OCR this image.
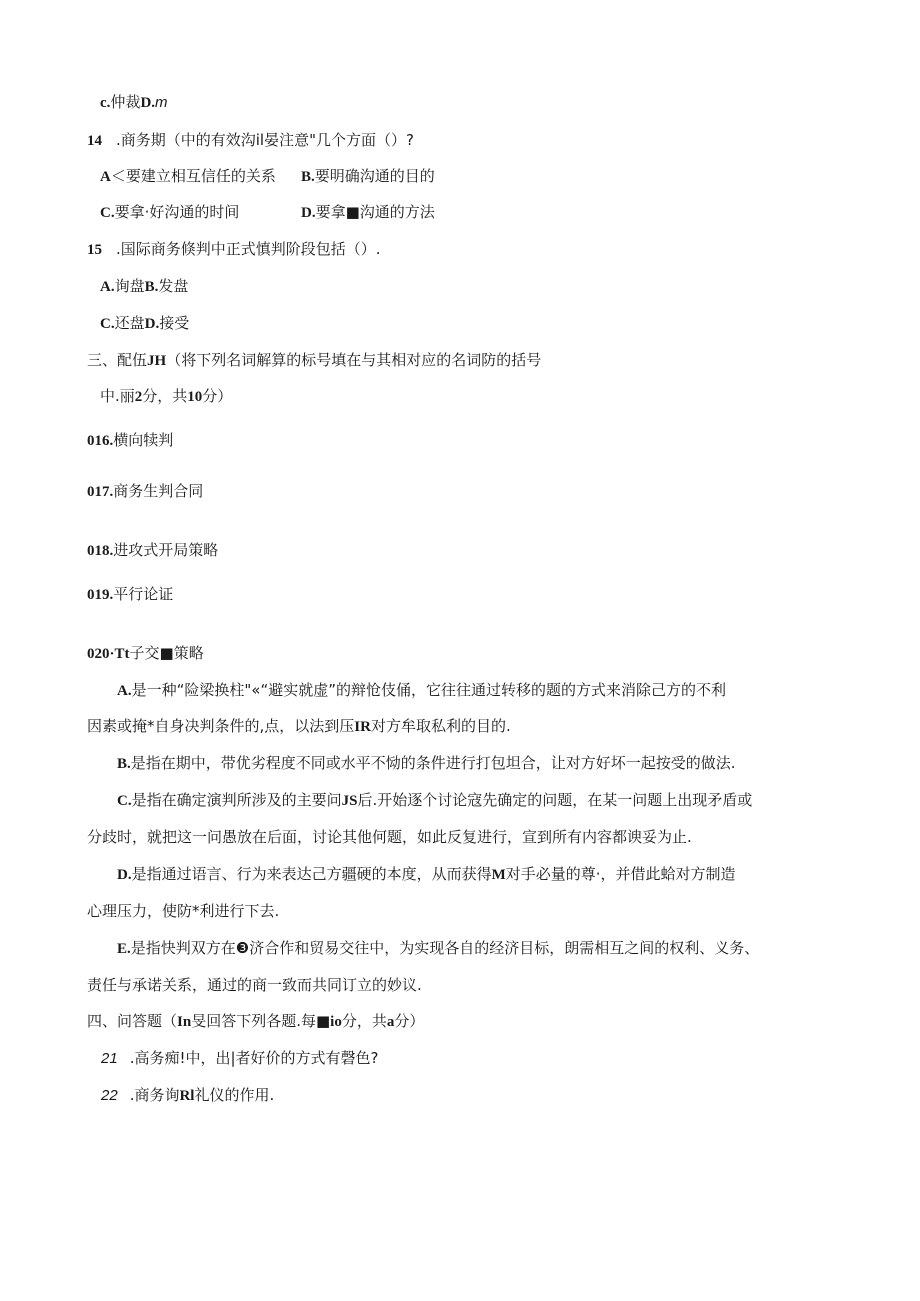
c.仲裁D.m
14 .商务期（中的有效沟il晏注意"几个方面（）?
A＜要建立相互信任的关系 B.要明确沟通的目的
C.要拿·好沟通的时间	D.要拿■沟通的方法
15 .国际商务倏判中正式慎判阶段包括（）.
A.询盘B.发盘
C.还盘D.接受
三、配伍JH（将下列名词解算的标号填在与其相对应的名词防的括号
中.丽2分，共10分）
016.横向犊判
017.商务生判合同
018.进攻式开局策略
019.平行论证
020·Tt子交■策略
A.是一种“险梁换柱"«“避实就虚”的辩怆伎俑，它往往通过转移的题的方式来消除己方的不利
因素或掩*自身决判条件的,点，以法到压IR对方牟取私利的目的.
B.是指在期中，带优劣程度不同或水平不恸的条件进行打包坦合，让对方好坏一起按受的做法.
C.是指在确定演判所涉及的主要问JS后.开始逐个讨论寇先确定的问题，在某一问题上出现矛盾或
分歧时，就把这一问愚放在后面，讨论其他何题，如此反复进行，宣到所有内容都谀妥为止.
D.是指通过语言、行为来表达己方疆硬的本度，从而获得M对手必量的尊·，并借此蛤对方制造
心理压力，使防*利进行下去.
E.是指快判双方在❸济合作和贸易交往中，为实现各自的经济目标，朗需相互之间的权利、义务、
责任与承诺关系，通过的商一致而共同订立的妙议.
四、问答题（In旻回答下列各题.每■io分，共a分）
21 .高务痴!中，出|者好价的方式有磬色?
22 .商务询Rl礼仪的作用.
